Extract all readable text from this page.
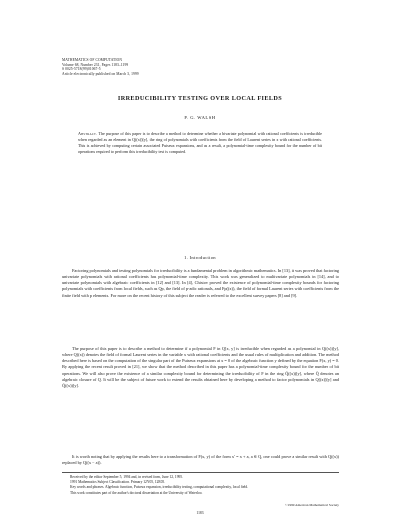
MATHEMATICS OF COMPUTATION
Volume 68, Number 231, Pages 1183–1199
S 0025-5718(99)01067-5
Article electronically published on March 3, 1999
IRREDUCIBILITY TESTING OVER LOCAL FIELDS
P. G. WALSH
Abstract. The purpose of this paper is to describe a method to determine whether a bivariate polynomial with rational coefficients is irreducible when regarded as an element in Q((x))[y], the ring of polynomials with coefficients from the field of Laurent series in x with rational coefficients. This is achieved by computing certain associated Puiseux expansions, and as a result, a polynomial-time complexity bound for the number of bit operations required to perform this irreducibility test is computed.
1. Introduction
Factoring polynomials and testing polynomials for irreducibility is a fundamental problem in algorithmic mathematics. In [13], it was proved that factoring univariate polynomials with rational coefficients has polynomial-time complexity. This work was generalized to multivariate polynomials in [14], and to univariate polynomials with algebraic coefficients in [12] and [13]. In [4], Chistov proved the existence of polynomial-time complexity bounds for factoring polynomials with coefficients from local fields, such as Qp, the field of p-adic rationals, and Fp((x)), the field of formal Laurent series with coefficients from the finite field with p elements. For more on the recent history of this subject the reader is referred to the excellent survey papers [8] and [9].
The purpose of this paper is to describe a method to determine if a polynomial F in Q[x, y] is irreducible when regarded as a polynomial in Q((x))[y], where Q((x)) denotes the field of formal Laurent series in the variable x with rational coefficients and the usual rules of multiplication and addition. The method described here is based on the computation of the singular part of the Puiseux expansions at x = 0 of the algebraic function y defined by the equation F(x, y) = 0. By applying the recent result proved in [21], we show that the method described in this paper has a polynomial-time complexity bound for the number of bit operations. We will also prove the existence of a similar complexity bound for determining the irreducibility of F in the ring Q̄((x))[y], where Q̄ denotes an algebraic closure of Q. It will be the subject of future work to extend the results obtained here by developing a method to factor polynomials in Q((x))[y] and Q̄((x))[y].
It is worth noting that by applying the results here to a transformation of F(x, y) of the form x′ = x + a, a ∈ Q, one could prove a similar result with Q((x)) replaced by Q((x − a)).
Received by the editor September 5, 1994 and, in revised form, June 12, 1995.
1991 Mathematics Subject Classification. Primary 12Y05, 12E05.
Key words and phrases. Algebraic function, Puiseux expansion, irreducibility testing, computational complexity, local field.
This work constitutes part of the author's doctoral dissertation at the University of Waterloo.
©1999 American Mathematical Society
1183
